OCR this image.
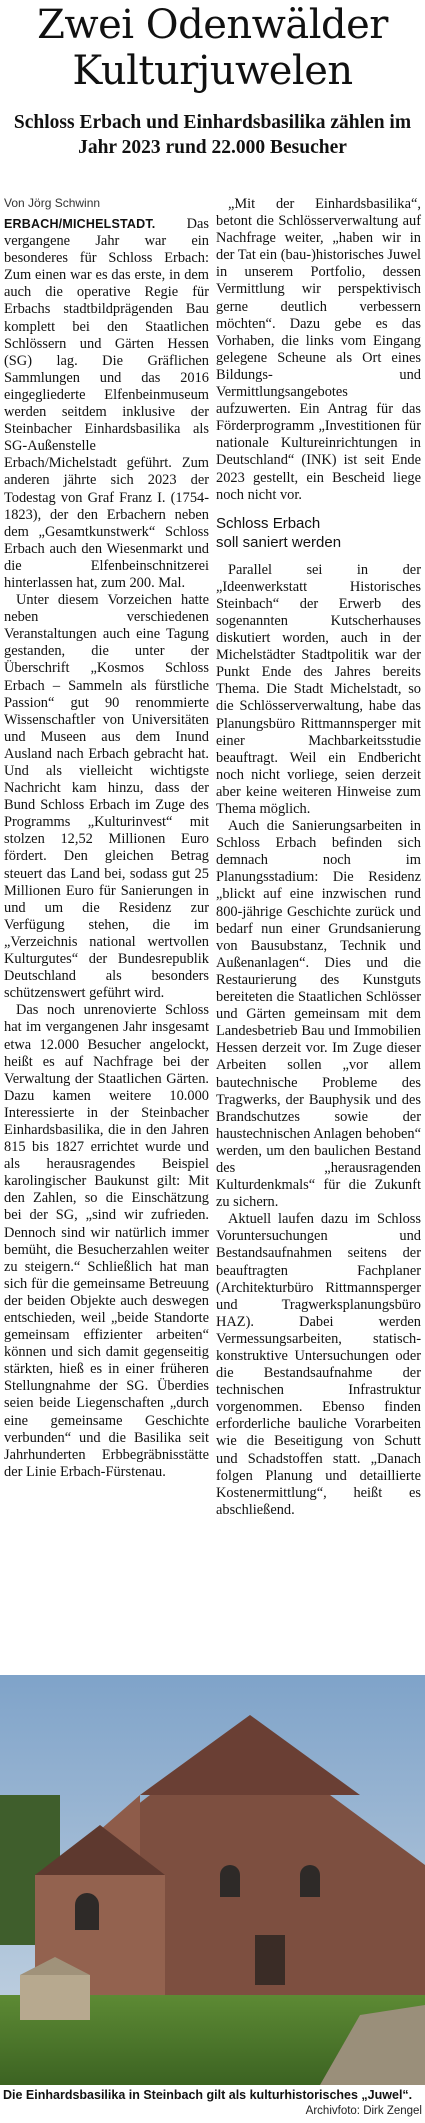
Zwei Odenwälder Kulturjuwelen
Schloss Erbach und Einhardsbasilika zählen im Jahr 2023 rund 22.000 Besucher
Von Jörg Schwinn

ERBACH/MICHELSTADT. Das vergangene Jahr war ein besonderes für Schloss Erbach: Zum einen war es das erste, in dem auch die operative Regie für Erbachs stadtbildprägenden Bau komplett bei den Staatlichen Schlössern und Gärten Hessen (SG) lag. Die Gräflichen Sammlungen und das 2016 eingegliederte Elfenbeinmuseum werden seitdem inklusive der Steinbacher Einhardsbasilika als SG-Außenstelle Erbach/Michelstadt geführt. Zum anderen jährte sich 2023 der Todestag von Graf Franz I. (1754-1823), der den Erbachern neben dem „Gesamtkunstwerk“ Schloss Erbach auch den Wiesenmarkt und die Elfenbeinschnitzerei hinterlassen hat, zum 200. Mal.

Unter diesem Vorzeichen hatte neben verschiedenen Veranstaltungen auch eine Tagung gestanden, die unter der Überschrift „Kosmos Schloss Erbach – Sammeln als fürstliche Passion“ gut 90 renommierte Wissenschaftler von Universitäten und Museen aus dem Inund Ausland nach Erbach gebracht hat. Und als vielleicht wichtigste Nachricht kam hinzu, dass der Bund Schloss Erbach im Zuge des Programms „Kulturinvest“ mit stolzen 12,52 Millionen Euro fördert. Den gleichen Betrag steuert das Land bei, sodass gut 25 Millionen Euro für Sanierungen in und um die Residenz zur Verfügung stehen, die im „Verzeichnis national wertvollen Kulturgutes“ der Bundesrepublik Deutschland als besonders schützenswert geführt wird.

Das noch unrenovierte Schloss hat im vergangenen Jahr insgesamt etwa 12.000 Besucher angelockt, heißt es auf Nachfrage bei der Verwaltung der Staatlichen Gärten. Dazu kamen weitere 10.000 Interessierte in der Steinbacher Einhardsbasilika, die in den Jahren 815 bis 1827 errichtet wurde und als herausragendes Beispiel karolingischer Baukunst gilt: Mit den Zahlen, so die Einschätzung bei der SG, „sind wir zufrieden. Dennoch sind wir natürlich immer bemüht, die Besucherzahlen weiter zu steigern.“ Schließlich hat man sich für die gemeinsame Betreuung der beiden Objekte auch deswegen entschieden, weil „beide Standorte gemeinsam effizienter arbeiten“ können und sich damit gegenseitig stärkten, hieß es in einer früheren Stellungnahme der SG. Überdies seien beide Liegenschaften „durch eine gemeinsame Geschichte verbunden“ und die Basilika seit Jahrhunderten Erbbegräbnisstätte der Linie Erbach-Fürstenau.

„Mit der Einhardsbasilika“, betont die Schlösserverwaltung auf Nachfrage weiter, „haben wir in der Tat ein (bau-)historisches Juwel in unserem Portfolio, dessen Vermittlung wir perspektivisch gerne deutlich verbessern möchten“. Dazu gebe es das Vorhaben, die links vom Eingang gelegene Scheune als Ort eines Bildungs- und Vermittlungsangebotes aufzuwerten. Ein Antrag für das Förderprogramm „Investitionen für nationale Kultureinrichtungen in Deutschland“ (INK) ist seit Ende 2023 gestellt, ein Bescheid liege noch nicht vor.

Schloss Erbach
soll saniert werden

Parallel sei in der „Ideenwerkstatt Historisches Steinbach“ der Erwerb des sogenannten Kutscherhauses diskutiert worden, auch in der Michelstädter Stadtpolitik war der Punkt Ende des Jahres bereits Thema. Die Stadt Michelstadt, so die Schlösserverwaltung, habe das Planungsbüro Rittmannsperger mit einer Machbarkeitsstudie beauftragt. Weil ein Endbericht noch nicht vorliege, seien derzeit aber keine weiteren Hinweise zum Thema möglich.

Auch die Sanierungsarbeiten in Schloss Erbach befinden sich demnach noch im Planungsstadium: Die Residenz „blickt auf eine inzwischen rund 800-jährige Geschichte zurück und bedarf nun einer Grundsanierung von Bausubstanz, Technik und Außenanlagen“. Dies und die Restaurierung des Kunstguts bereiteten die Staatlichen Schlösser und Gärten gemeinsam mit dem Landesbetrieb Bau und Immobilien Hessen derzeit vor. Im Zuge dieser Arbeiten sollen „vor allem bautechnische Probleme des Tragwerks, der Bauphysik und des Brandschutzes sowie der haustechnischen Anlagen behoben“ werden, um den baulichen Bestand des „herausragenden Kulturdenkmals“ für die Zukunft zu sichern.

Aktuell laufen dazu im Schloss Voruntersuchungen und Bestandsaufnahmen seitens der beauftragten Fachplaner (Architekturbüro Rittmannsperger und Tragwerksplanungsbüro HAZ). Dabei werden Vermessungsarbeiten, statisch-konstruktive Untersuchungen oder die Bestandsaufnahme der technischen Infrastruktur vorgenommen. Ebenso finden erforderliche bauliche Vorarbeiten wie die Beseitigung von Schutt und Schadstoffen statt. „Danach folgen Planung und detaillierte Kostenermittlung“, heißt es abschließend.

Die Einhardsbasilika in Steinbach gilt als kulturhistorisches „Juwel“.
Archivfoto: Dirk Zengel
